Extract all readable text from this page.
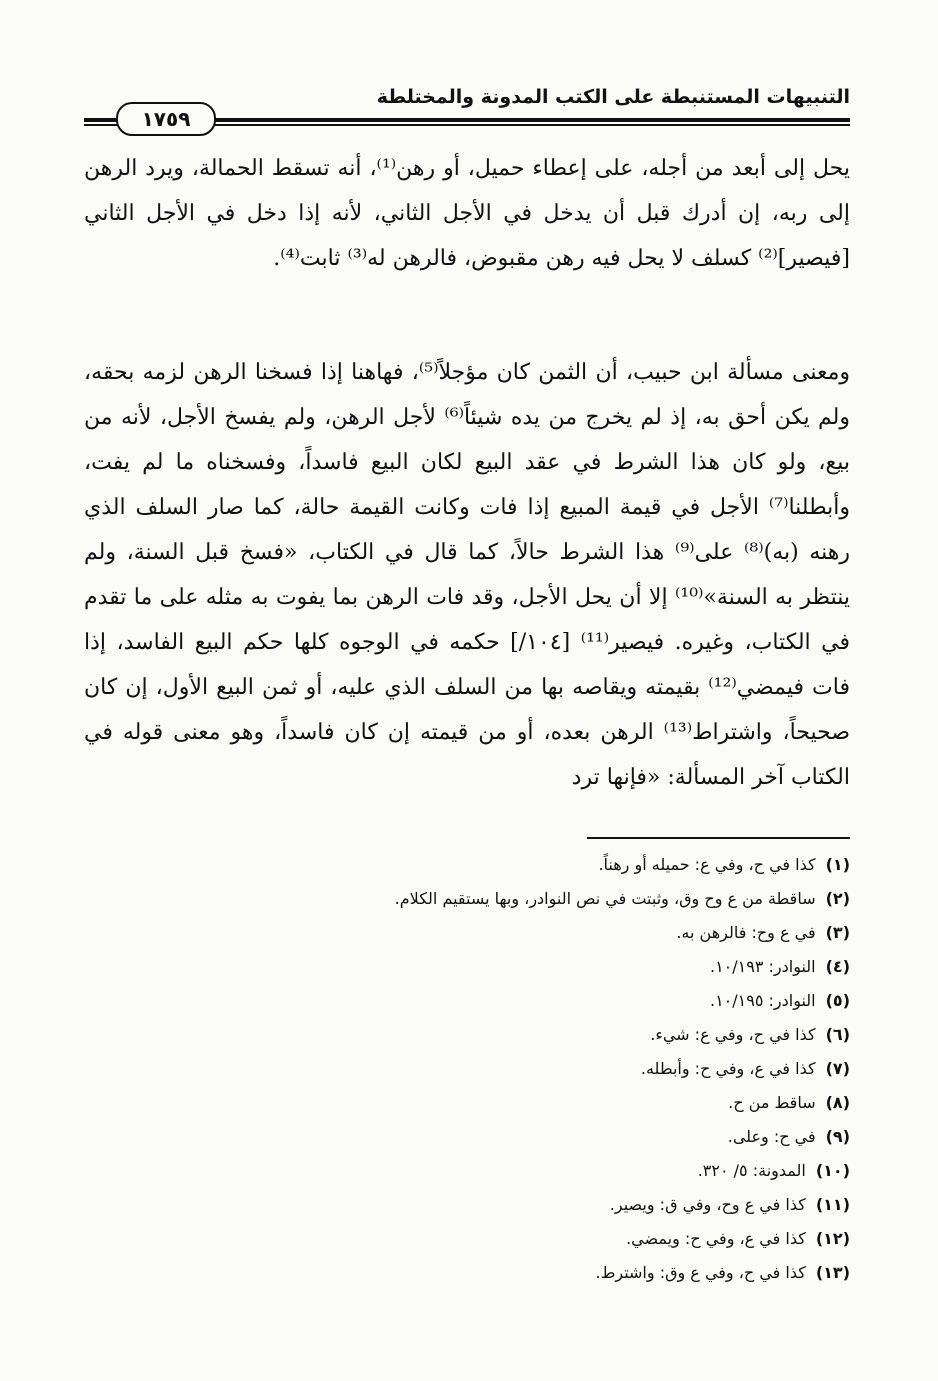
التنبيهات المستنبطة على الكتب المدونة والمختلطة
١٧٥٩

يحل إلى أبعد من أجله، على إعطاء حميل، أو رهن⁽¹⁾، أنه تسقط الحمالة، ويرد الرهن إلى ربه، إن أدرك قبل أن يدخل في الأجل الثاني، لأنه إذا دخل في الأجل الثاني [فيصير]⁽²⁾ كسلف لا يحل فيه رهن مقبوض، فالرهن له⁽³⁾ ثابت⁽⁴⁾.

ومعنى مسألة ابن حبيب، أن الثمن كان مؤجلاً⁽⁵⁾، فهاهنا إذا فسخنا الرهن لزمه بحقه، ولم يكن أحق به، إذ لم يخرج من يده شيئاً⁽⁶⁾ لأجل الرهن، ولم يفسخ الأجل، لأنه من بيع، ولو كان هذا الشرط في عقد البيع لكان البيع فاسداً، وفسخناه ما لم يفت، وأبطلنا⁽⁷⁾ الأجل في قيمة المبيع إذا فات وكانت القيمة حالة، كما صار السلف الذي رهنه (به)⁽⁸⁾ على⁽⁹⁾ هذا الشرط حالاً، كما قال في الكتاب، «فسخ قبل السنة، ولم ينتظر به السنة»⁽¹⁰⁾ إلا أن يحل الأجل، وقد فات الرهن بما يفوت به مثله على ما تقدم في الكتاب، وغيره. فيصير⁽¹¹⁾ [١٠٤/] حكمه في الوجوه كلها حكم البيع الفاسد، إذا فات فيمضي⁽¹²⁾ بقيمته ويقاصه بها من السلف الذي عليه، أو ثمن البيع الأول، إن كان صحيحاً، واشتراط⁽¹³⁾ الرهن بعده، أو من قيمته إن كان فاسداً، وهو معنى قوله في الكتاب آخر المسألة: «فإنها ترد

(١)كذا في ح، وفي ع: حميله أو رهناً.
(٢)ساقطة من ع وح وق، وثبتت في نص النوادر، وبها يستقيم الكلام.
(٣)في ع وح: فالرهن به.
(٤)النوادر: ١٠/١٩٣.
(٥)النوادر: ١٠/١٩٥.
(٦)كذا في ح، وفي ع: شيء.
(٧)كذا في ع، وفي ح: وأبطله.
(٨)ساقط من ح.
(٩)في ح: وعلى.
(١٠)المدونة: ٥/ ٣٢٠.
(١١)كذا في ع وح، وفي ق: ويصير.
(١٢)كذا في ع، وفي ح: ويمضي.
(١٣)كذا في ح، وفي ع وق: واشترط.
